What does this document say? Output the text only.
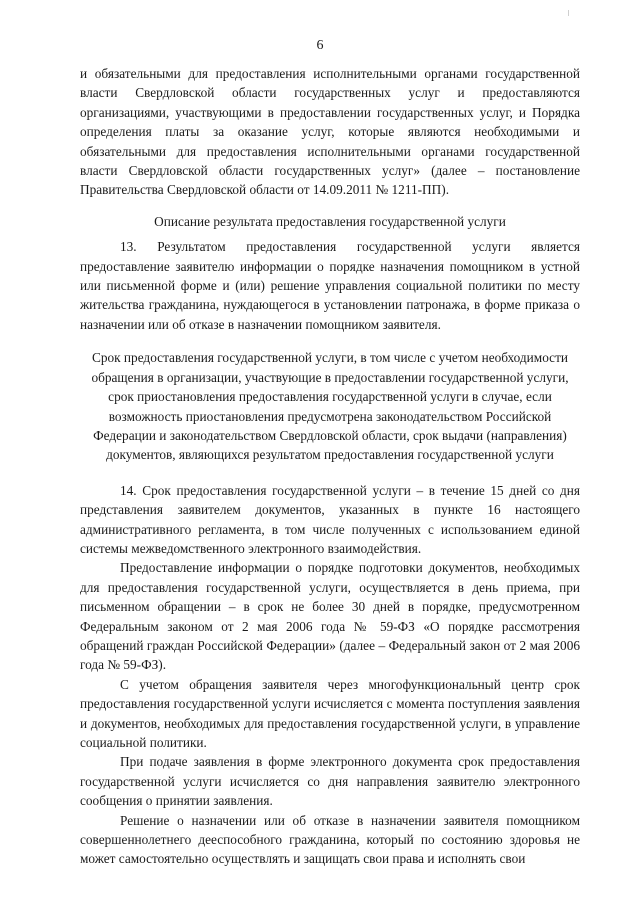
6

и обязательными для предоставления исполнительными органами государственной власти Свердловской области государственных услуг и предоставляются организациями, участвующими в предоставлении государственных услуг, и Порядка определения платы за оказание услуг, которые являются необходимыми и обязательными для предоставления исполнительными органами государственной власти Свердловской области государственных услуг» (далее – постановление Правительства Свердловской области от 14.09.2011 № 1211-ПП).

Описание результата предоставления государственной услуги

13. Результатом предоставления государственной услуги является предоставление заявителю информации о порядке назначения помощником в устной или письменной форме и (или) решение управления социальной политики по месту жительства гражданина, нуждающегося в установлении патронажа, в форме приказа о назначении или об отказе в назначении помощником заявителя.

Срок предоставления государственной услуги, в том числе с учетом необходимости обращения в организации, участвующие в предоставлении государственной услуги, срок приостановления предоставления государственной услуги в случае, если возможность приостановления предусмотрена законодательством Российской Федерации и законодательством Свердловской области, срок выдачи (направления) документов, являющихся результатом предоставления государственной услуги

14. Срок предоставления государственной услуги – в течение 15 дней со дня представления заявителем документов, указанных в пункте 16 настоящего административного регламента, в том числе полученных с использованием единой системы межведомственного электронного взаимодействия.

Предоставление информации о порядке подготовки документов, необходимых для предоставления государственной услуги, осуществляется в день приема, при письменном обращении – в срок не более 30 дней в порядке, предусмотренном Федеральным законом от 2 мая 2006 года № 59-ФЗ «О порядке рассмотрения обращений граждан Российской Федерации» (далее – Федеральный закон от 2 мая 2006 года № 59-ФЗ).

С учетом обращения заявителя через многофункциональный центр срок предоставления государственной услуги исчисляется с момента поступления заявления и документов, необходимых для предоставления государственной услуги, в управление социальной политики.

При подаче заявления в форме электронного документа срок предоставления государственной услуги исчисляется со дня направления заявителю электронного сообщения о принятии заявления.

Решение о назначении или об отказе в назначении заявителя помощником совершеннолетнего дееспособного гражданина, который по состоянию здоровья не может самостоятельно осуществлять и защищать свои права и исполнять свои
